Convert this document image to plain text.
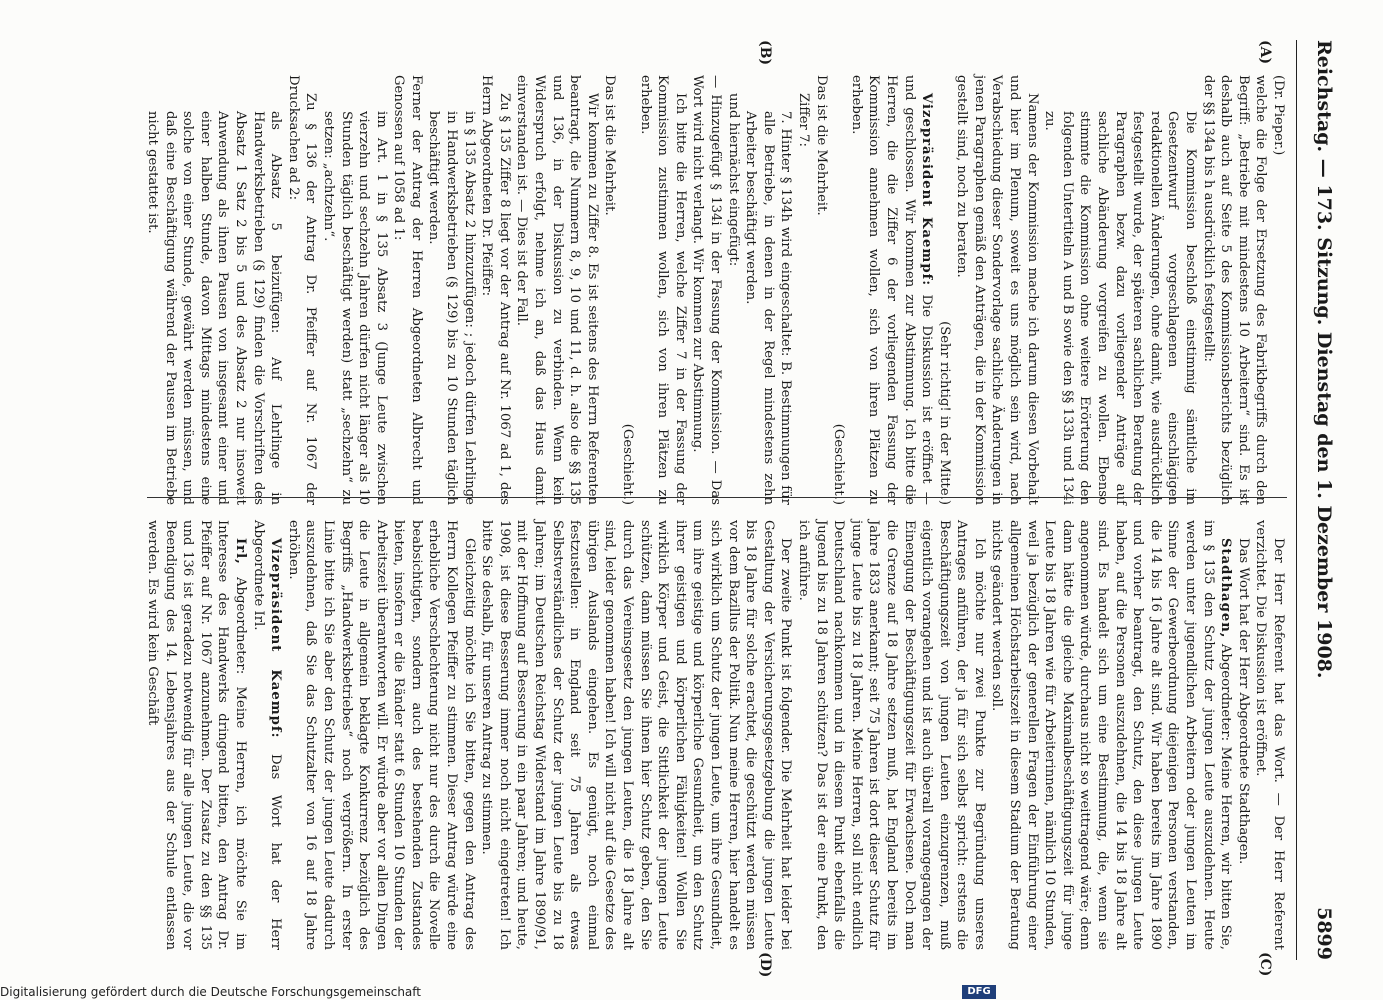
Reichstag. — 173. Sitzung. Dienstag den 1. Dezember 1908.
5899
(A)
(B)
(C)
(D)

(Dr. Pieper.)

welche die Folge der Ersetzung des Fabrikbegriffs durch den Begriff: „Betriebe mit mindestens 10 Arbeitern“ sind. Es ist deshalb auch auf Seite 5 des Kommissionsberichts bezüglich der §§ 134a bis h ausdrücklich festgestellt:

Die Kommission beschloß einstimmig sämtliche im Gesetzentwurf vorgeschlagenen einschlägigen redaktionellen Änderungen, ohne damit, wie ausdrücklich festgestellt wurde, der späteren sachlichen Beratung der Paragraphen bezw. dazu vorliegender Anträge auf sachliche Abänderung vorgreifen zu wollen. Ebenso stimmte die Kommission ohne weitere Erörterung den folgenden Untertiteln A und B sowie den §§ 133h und 134i zu.

Namens der Kommission mache ich darum diesen Vorbehalt und hier im Plenum, soweit es uns möglich sein wird, nach Verabschiedung dieser Sondervorlage sachliche Änderungen in jenen Paragraphen gemäß den Anträgen, die in der Kommission gestellt sind, noch zu beraten.

(Sehr richtig! in der Mitte.)

Vizepräsident Kaempf: Die Diskussion ist eröffnet — und geschlossen. Wir kommen zur Abstimmung. Ich bitte die Herren, die die Ziffer 6 der vorliegenden Fassung der Kommission annehmen wollen, sich von ihren Plätzen zu erheben.

(Geschieht.)

Das ist die Mehrheit.

Ziffer 7:

7. Hinter § 134h wird eingeschaltet: B. Bestimmungen für alle Betriebe, in denen in der Regel mindestens zehn Arbeiter beschäftigt werden.

und hiernächst eingefügt:

— Hinzugefügt § 134i in der Fassung der Kommission. — Das Wort wird nicht verlangt. Wir kommen zur Abstimmung.

Ich bitte die Herren, welche Ziffer 7 in der Fassung der Kommission zustimmen wollen, sich von ihren Plätzen zu erheben.

(Geschieht.)

Das ist die Mehrheit.

Wir kommen zu Ziffer 8. Es ist seitens des Herrn Referenten beantragt, die Nummern 8, 9, 10 und 11, d. h. also die §§ 135 und 136, in der Diskussion zu verbinden. Wenn kein Widerspruch erfolgt, nehme ich an, daß das Haus damit einverstanden ist. — Dies ist der Fall.

Zu § 135 Ziffer 8 liegt vor der Antrag auf Nr. 1067 ad 1, des Herrn Abgeordneten Dr. Pfeiffer:

in § 135 Absatz 2 hinzuzufügen: ; jedoch dürfen Lehrlinge in Handwerksbetrieben (§ 129) bis zu 10 Stunden täglich beschäftigt werden.

Ferner der Antrag der Herren Abgeordneten Albrecht und Genossen auf 1058 ad 1:

im Art. 1 in § 135 Absatz 3 (Junge Leute zwischen vierzehn und sechzehn Jahren dürfen nicht länger als 10 Stunden täglich beschäftigt werden) statt „sechzehn“ zu setzen: „achtzehn“.

Zu § 136 der Antrag Dr. Pfeiffer auf Nr. 1067 der Drucksachen ad 2:

als Absatz 5 beizufügen: Auf Lehrlinge in Handwerksbetrieben (§ 129) finden die Vorschriften des Absatz 1 Satz 2 bis 5 und des Absatz 2 nur insoweit Anwendung als ihnen Pausen von insgesamt einer und einer halben Stunde, davon Mittags mindestens eine solche von einer Stunde, gewährt werden müssen, und daß eine Beschäftigung während der Pausen im Betriebe nicht gestattet ist.

Der Herr Referent hat das Wort. — Der Herr Referent verzichtet. Die Diskussion ist eröffnet.

Das Wort hat der Herr Abgeordnete Stadthagen.

Stadthagen, Abgeordneter: Meine Herren, wir bitten Sie, im § 135 den Schutz der jungen Leute auszudehnen. Heute werden unter jugendlichen Arbeitern oder jungen Leuten im Sinne der Gewerbeordnung diejenigen Personen verstanden, die 14 bis 16 Jahre alt sind. Wir haben bereits im Jahre 1890 und vorher beantragt, den Schutz, den diese jungen Leute haben, auf die Personen auszudehnen, die 14 bis 18 Jahre alt sind. Es handelt sich um eine Bestimmung, die, wenn sie angenommen würde, durchaus nicht so weittragend wäre; denn dann hätte die gleiche Maximalbeschäftigungszeit für junge Leute bis 18 Jahren wie für Arbeiterinnen, nämlich 10 Stunden, weil ja bezüglich der generellen Fragen der Einführung einer allgemeinen Höchstarbeitszeit in diesem Stadium der Beratung nichts geändert werden soll.

Ich möchte nur zwei Punkte zur Begründung unseres Antrages anführen, der ja für sich selbst spricht: erstens die Beschäftigungszeit von jungen Leuten einzugrenzen, muß eigentlich vorangehen und ist auch überall vorangegangen der Einengung der Beschäftigungszeit für Erwachsene. Doch man die Grenze auf 18 Jahre setzen muß, hat England bereits im Jahre 1833 anerkannt; seit 75 Jahren ist dort dieser Schutz für junge Leute bis zu 18 Jahren. Meine Herren, soll nicht endlich Deutschland nachkommen und in diesem Punkt ebenfalls die Jugend bis zu 18 Jahren schützen? Das ist der eine Punkt, den ich anführe.

Der zweite Punkt ist folgender. Die Mehrheit hat leider bei Gestaltung der Versicherungsgesetzgebung die jungen Leute bis 18 Jahre für solche erachtet, die geschützt werden müssen vor dem Bazillus der Politik. Nun meine Herren, hier handelt es sich wirklich um Schutz der jungen Leute, um ihre Gesundheit, um ihre geistige und körperliche Gesundheit, um den Schutz ihrer geistigen und körperlichen Fähigkeiten! Wollen Sie wirklich Körper und Geist, die Sittlichkeit der jungen Leute schützen, dann müssen Sie ihnen hier Schutz geben, den Sie durch das Vereinsgesetz den jungen Leuten, die 18 Jahre alt sind, leider genommen haben! Ich will nicht auf die Gesetze des übrigen Auslands eingehen. Es genügt, noch einmal festzustellen: in England seit 75 Jahren als etwas Selbstverständliches der Schutz der jungen Leute bis zu 18 Jahren; im Deutschen Reichstag Widerstand im Jahre 1890/91, mit der Hoffnung auf Besserung in ein paar Jahren; und heute, 1908, ist diese Besserung immer noch nicht eingetreten! Ich bitte Sie deshalb, für unseren Antrag zu stimmen.

Gleichzeitig möchte ich Sie bitten, gegen den Antrag des Herrn Kollegen Pfeiffer zu stimmen. Dieser Antrag würde eine erhebliche Verschlechterung nicht nur des durch die Novelle beabsichtigten, sondern auch des bestehenden Zustandes bieten, insofern er die Ränder statt 6 Stunden 10 Stunden der Arbeitszeit überantworten will. Er würde aber vor allen Dingen die Leute in allgemein beklagte Konkurrenz bezüglich des Begriffs „Handwerksbetriebes“ noch vergrößern. In erster Linie bitte ich Sie aber den Schutz der jungen Leute dadurch auszudehnen, daß Sie das Schutzalter von 16 auf 18 Jahre erhöhen.

Vizepräsident Kaempf: Das Wort hat der Herr Abgeordnete Irl.

Irl, Abgeordneter: Meine Herren, ich möchte Sie im Interesse des Handwerks dringend bitten, den Antrag Dr. Pfeiffer auf Nr. 1067 anzunehmen. Der Zusatz zu den §§ 135 und 136 ist geradezu notwendig für alle jungen Leute, die vor Beendigung des 14. Lebensjahres aus der Schule entlassen werden. Es wird kein Geschäft

Digitalisierung gefördert durch die Deutsche Forschungsgemeinschaft	DFG
